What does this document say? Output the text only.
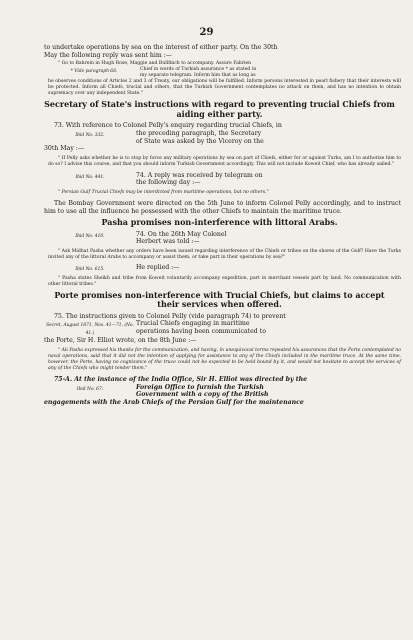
29

to undertake operations by sea on the interest of either party. On the 30th

May the following reply was sent him :—

" Go to Bahrein in Hugh Rose, Maggie and Bullfinch to accompany. Assure Fahrien

* Vide paragraph 68.	Chief in words of Turkish assurance * as stated in

my separate telegram. Inform him that as long as

he observes conditions of Articles 2 and 3 of Treaty, our obligations will be fulfilled. Inform persons interested in pearl fishery that their interests will be protected. Inform all Chiefs, trucial and others, that the Turkish Government contemplates no attack on them, and has no intention to obtain supremacy over any independent State."

Secretary of State's instructions with regard to preventing trucial Chiefs from aiding either party.

73. With reference to Colonel Pelly's enquiry regarding trucial Chiefs, in

Ibid No. 332.	the preceding paragraph, the Secretary

of State was asked by the Viceroy on the

30th May :—

" If Pelly asks whether he is to stop by force any military operations by sea on part of Chiefs, either for or against Turks, am I to authorize him to do so? I advise this course, and that you should inform Turkish Government accordingly. This will not include Koweit Chief, who has already sailed."

Ibid No. 441.	74. A reply was received by telegram on

the following day :—

" Persian Gulf Trucial Chiefs may be interdicted from maritime operations, but no others."

The Bombay Government were directed on the 5th June to inform Colonel Pelly accordingly, and to instruct him to use all the influence he possessed with the other Chiefs to maintain the maritime truce.

Pasha promises non-interference with littoral Arabs.
Ibid No. 410.	74. On the 26th May Colonel

Herbert was told :—

" Ask Midhat Pasha whether any orders have been issued regarding interference of the Chiefs or tribes on the shores of the Gulf? Have the Turks invited any of the littoral Arabs to accompany or assist them, or take part in their operations by sea?"

Ibid No. 615.	He replied :—

" Pasha states Sheikh and tribe from Koweit voluntarily accompany expedition, part in merchant vessels part by land. No communication with other littoral tribes."

Porte promises non-interference with Trucial Chiefs, but claims to accept their services when offered.

75. The instructions given to Colonel Pelly (vide paragraph 74) to prevent

Secret, August 1871, Nos. 41—71, (No. 41.)

Trucial Chiefs engaging in maritime

operations having been communicated to

the Porte, Sir H. Elliot wrote, on the 8th June :—

" Ali Pasha expressed his thanks for the communication, and having, in unequivocal terms repeated his assurances that the Porte contemplated no naval operations, said that it did not the intention of applying for assistance to any of the Chiefs included in the maritime truce. At the same time, however, the Porte, having no cognizance of the truce could not be expected to be held bound by it, and would not hesitate to accept the services of any of the Chiefs who might tender them."

75-A. At the instance of the India Office, Sir H. Elliot was directed by the

Ibid No. 67.	Foreign Office to furnish the Turkish

Government with a copy of the British

engagements with the Arab Chiefs of the Persian Gulf for the maintenance
